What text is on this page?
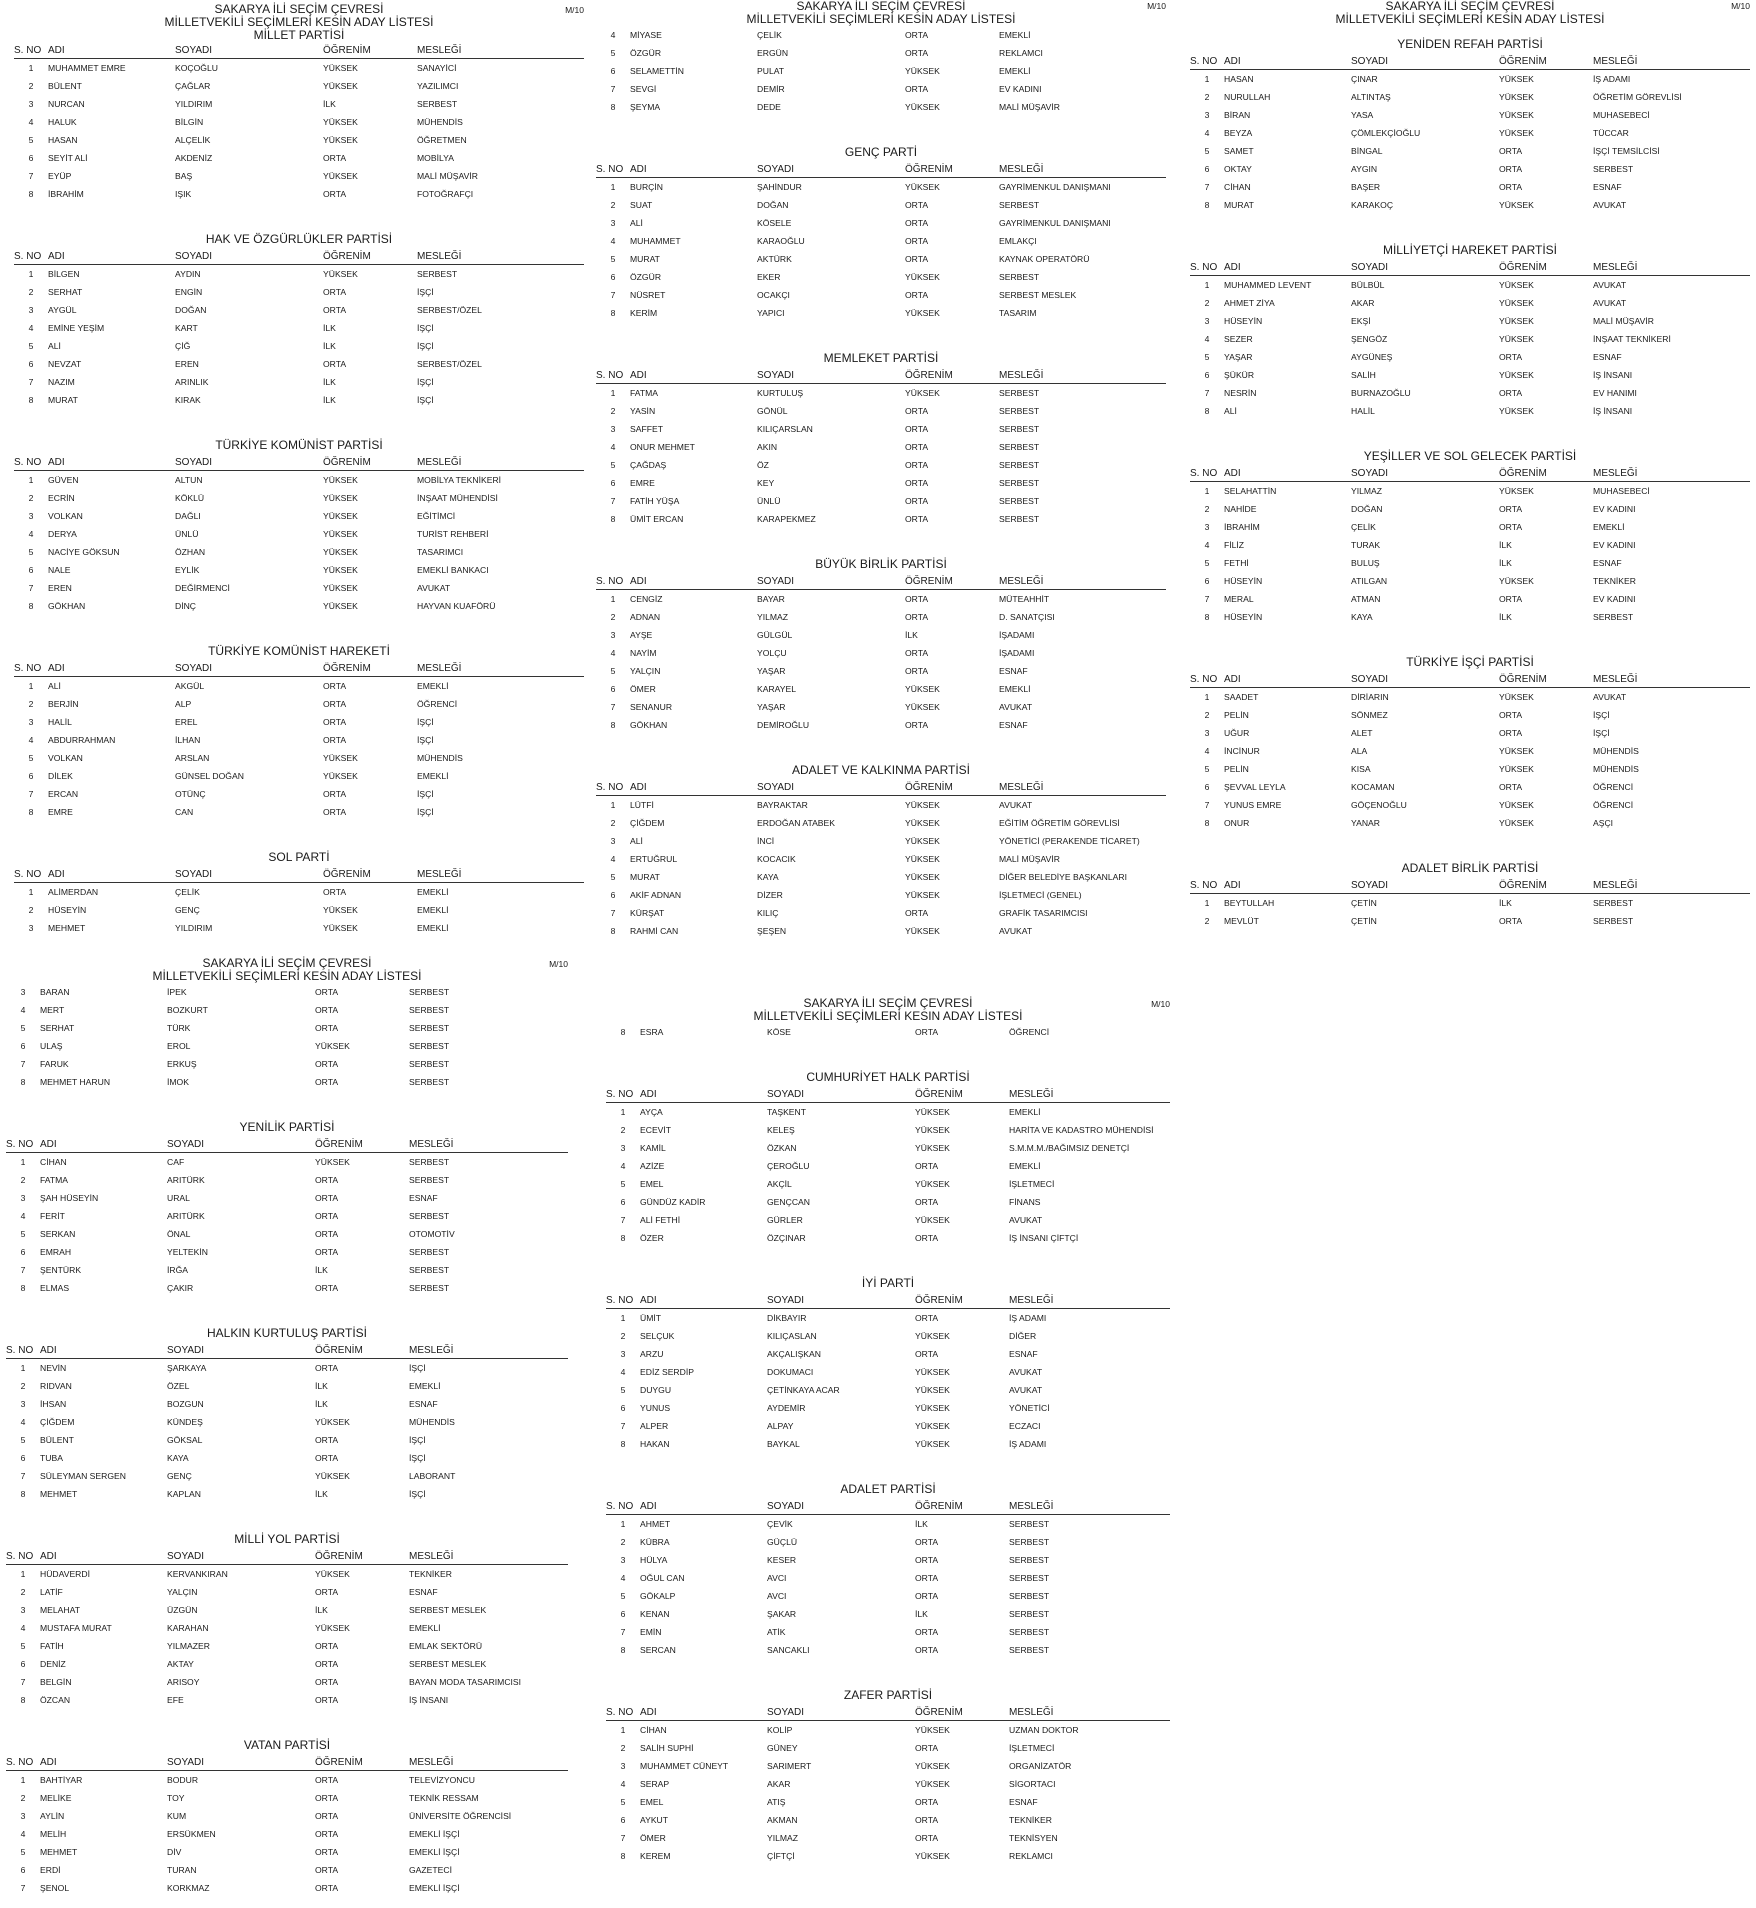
SAKARYA İLİ SEÇİM ÇEVRESİ
MİLLETVEKİLİ SEÇİMLERİ KESİN ADAY LİSTESİ
M/10
MİLLET PARTİSİ
S. NO ADI	SOYADI	ÖĞRENİM	MESLEĞİ
1	MUHAMMET EMRE	KOÇOĞLU	YÜKSEK	SANAYİCİ
2	BÜLENT	ÇAĞLAR	YÜKSEK	YAZILIMCI
3	NURCAN	YILDIRIM	İLK	SERBEST
4	HALUK	BİLGİN	YÜKSEK	MÜHENDİS
5	HASAN	ALÇELİK	YÜKSEK	ÖĞRETMEN
6	SEYİT ALİ	AKDENİZ	ORTA	MOBİLYA
7	EYÜP	BAŞ	YÜKSEK	MALİ MÜŞAVİR
8	İBRAHİM	IŞIK	ORTA	FOTOĞRAFÇI
HAK VE ÖZGÜRLÜKLER PARTİSİ
S. NO ADI	SOYADI	ÖĞRENİM	MESLEĞİ
1	BİLGEN	AYDIN	YÜKSEK	SERBEST
2	SERHAT	ENGİN	ORTA	İŞÇİ
3	AYGÜL	DOĞAN	ORTA	SERBEST/ÖZEL
4	EMİNE YEŞİM	KART	İLK	İŞÇİ
5	ALİ	ÇİĞ	İLK	İŞÇİ
6	NEVZAT	EREN	ORTA	SERBEST/ÖZEL
7	NAZIM	ARINLIK	İLK	İŞÇİ
8	MURAT	KIRAK	İLK	İŞÇİ
TÜRKİYE KOMÜNİST PARTİSİ
S. NO ADI	SOYADI	ÖĞRENİM	MESLEĞİ
1	GÜVEN	ALTUN	YÜKSEK	MOBİLYA TEKNİKERİ
2	ECRİN	KÖKLÜ	YÜKSEK	İNŞAAT MÜHENDİSİ
3	VOLKAN	DAĞLI	YÜKSEK	EĞİTİMCİ
4	DERYA	ÜNLÜ	YÜKSEK	TURİST REHBERİ
5	NACİYE GÖKSUN	ÖZHAN	YÜKSEK	TASARIMCI
6	NALE	EYLİK	YÜKSEK	EMEKLİ BANKACI
7	EREN	DEĞİRMENCİ	YÜKSEK	AVUKAT
8	GÖKHAN	DİNÇ	YÜKSEK	HAYVAN KUAFÖRÜ
TÜRKİYE KOMÜNİST HAREKETİ
S. NO ADI	SOYADI	ÖĞRENİM	MESLEĞİ
1	ALİ	AKGÜL	ORTA	EMEKLİ
2	BERJİN	ALP	ORTA	ÖĞRENCİ
3	HALİL	EREL	ORTA	İŞÇİ
4	ABDURRAHMAN	İLHAN	ORTA	İŞÇİ
5	VOLKAN	ARSLAN	YÜKSEK	MÜHENDİS
6	DİLEK	GÜNSEL DOĞAN	YÜKSEK	EMEKLİ
7	ERCAN	OTÜNÇ	ORTA	İŞÇİ
8	EMRE	CAN	ORTA	İŞÇİ
SOL PARTİ
S. NO ADI	SOYADI	ÖĞRENİM	MESLEĞİ
1	ALİMERDAN	ÇELİK	ORTA	EMEKLİ
2	HÜSEYİN	GENÇ	YÜKSEK	EMEKLİ
3	MEHMET	YILDIRIM	YÜKSEK	EMEKLİ
SAKARYA İLI SEÇİM ÇEVRESİ
MİLLETVEKİLİ SEÇİMLERİ KESİN ADAY LİSTESİ
M/10
4	MİYASE	ÇELİK	ORTA	EMEKLİ
5	ÖZGÜR	ERGÜN	ORTA	REKLAMCI
6	SELAMETTİN	PULAT	YÜKSEK	EMEKLİ
7	SEVGİ	DEMİR	ORTA	EV KADINI
8	ŞEYMA	DEDE	YÜKSEK	MALİ MÜŞAVİR
GENÇ PARTİ
S. NO ADI	SOYADI	ÖĞRENİM	MESLEĞİ
1	BURÇİN	ŞAHİNDUR	YÜKSEK	GAYRİMENKUL DANIŞMANI
2	SUAT	DOĞAN	ORTA	SERBEST
3	ALİ	KÖSELE	ORTA	GAYRİMENKUL DANIŞMANI
4	MUHAMMET	KARAOĞLU	ORTA	EMLAKÇI
5	MURAT	AKTÜRK	ORTA	KAYNAK OPERATÖRÜ
6	ÖZGÜR	EKER	YÜKSEK	SERBEST
7	NÜSRET	OCAKÇI	ORTA	SERBEST MESLEK
8	KERİM	YAPICI	YÜKSEK	TASARIM
MEMLEKET PARTİSİ
S. NO ADI	SOYADI	ÖĞRENİM	MESLEĞİ
1	FATMA	KURTULUŞ	YÜKSEK	SERBEST
2	YASİN	GÖNÜL	ORTA	SERBEST
3	SAFFET	KILIÇARSLAN	ORTA	SERBEST
4	ONUR MEHMET	AKIN	ORTA	SERBEST
5	ÇAĞDAŞ	ÖZ	ORTA	SERBEST
6	EMRE	KEY	ORTA	SERBEST
7	FATİH YÜŞA	ÜNLÜ	ORTA	SERBEST
8	ÜMİT ERCAN	KARAPEKMEZ	ORTA	SERBEST
BÜYÜK BİRLİK PARTİSİ
S. NO ADI	SOYADI	ÖĞRENİM	MESLEĞİ
1	CENGİZ	BAYAR	ORTA	MÜTEAHHİT
2	ADNAN	YILMAZ	ORTA	D. SANATÇISI
3	AYŞE	GÜLGÜL	İLK	İŞADAMI
4	NAYİM	YOLÇU	ORTA	İŞADAMI
5	YALÇIN	YAŞAR	ORTA	ESNAF
6	ÖMER	KARAYEL	YÜKSEK	EMEKLİ
7	SENANUR	YAŞAR	YÜKSEK	AVUKAT
8	GÖKHAN	DEMİROĞLU	ORTA	ESNAF
ADALET VE KALKINMA PARTİSİ
S. NO ADI	SOYADI	ÖĞRENİM	MESLEĞİ
1	LÜTFİ	BAYRAKTAR	YÜKSEK	AVUKAT
2	ÇİĞDEM	ERDOĞAN ATABEK	YÜKSEK	EĞİTİM ÖĞRETİM GÖREVLİSİ
3	ALİ	İNCİ	YÜKSEK	YÖNETİCİ (PERAKENDE TİCARET)
4	ERTUĞRUL	KOCACIK	YÜKSEK	MALİ MÜŞAVİR
5	MURAT	KAYA	YÜKSEK	DİĞER BELEDİYE BAŞKANLARI
6	AKİF ADNAN	DİZER	YÜKSEK	İŞLETMECİ (GENEL)
7	KÜRŞAT	KILIÇ	ORTA	GRAFİK TASARIMCISI
8	RAHMİ CAN	ŞEŞEN	YÜKSEK	AVUKAT
SAKARYA İLİ SEÇİM ÇEVRESİ
MİLLETVEKİLİ SEÇİMLERİ KESİN ADAY LİSTESİ
M/10
YENİDEN REFAH PARTİSİ
S. NO ADI	SOYADI	ÖĞRENİM	MESLEĞİ
1	HASAN	ÇINAR	YÜKSEK	İŞ ADAMI
2	NURULLAH	ALTINTAŞ	YÜKSEK	ÖĞRETİM GÖREVLİSİ
3	BİRAN	YASA	YÜKSEK	MUHASEBECİ
4	BEYZA	ÇÖMLEKÇİOĞLU	YÜKSEK	TÜCCAR
5	SAMET	BİNGAL	ORTA	İŞÇİ TEMSİLCİSİ
6	OKTAY	AYGIN	ORTA	SERBEST
7	CİHAN	BAŞER	ORTA	ESNAF
8	MURAT	KARAKOÇ	YÜKSEK	AVUKAT
MİLLİYETÇİ HAREKET PARTİSİ
S. NO ADI	SOYADI	ÖĞRENİM	MESLEĞİ
1	MUHAMMED LEVENT	BÜLBÜL	YÜKSEK	AVUKAT
2	AHMET ZİYA	AKAR	YÜKSEK	AVUKAT
3	HÜSEYİN	EKŞİ	YÜKSEK	MALİ MÜŞAVİR
4	SEZER	ŞENGÖZ	YÜKSEK	İNŞAAT TEKNİKERİ
5	YAŞAR	AYGÜNEŞ	ORTA	ESNAF
6	ŞÜKÜR	SALİH	YÜKSEK	İŞ İNSANI
7	NESRİN	BURNAZOĞLU	ORTA	EV HANIMI
8	ALİ	HALİL	YÜKSEK	İŞ İNSANI
YEŞİLLER VE SOL GELECEK PARTİSİ
S. NO ADI	SOYADI	ÖĞRENİM	MESLEĞİ
1	SELAHATTİN	YILMAZ	YÜKSEK	MUHASEBECİ
2	NAHİDE	DOĞAN	ORTA	EV KADINI
3	İBRAHİM	ÇELİK	ORTA	EMEKLİ
4	FİLİZ	TURAK	İLK	EV KADINI
5	FETHİ	BULUŞ	İLK	ESNAF
6	HÜSEYİN	ATILGAN	YÜKSEK	TEKNİKER
7	MERAL	ATMAN	ORTA	EV KADINI
8	HÜSEYİN	KAYA	İLK	SERBEST
TÜRKİYE İŞÇİ PARTİSİ
S. NO ADI	SOYADI	ÖĞRENİM	MESLEĞİ
1	SAADET	DİRİARIN	YÜKSEK	AVUKAT
2	PELİN	SÖNMEZ	ORTA	İŞÇİ
3	UĞUR	ALET	ORTA	İŞÇİ
4	İNCİNUR	ALA	YÜKSEK	MÜHENDİS
5	PELİN	KISA	YÜKSEK	MÜHENDİS
6	ŞEVVAL LEYLA	KOCAMAN	ORTA	ÖĞRENCİ
7	YUNUS EMRE	GÖÇENOĞLU	YÜKSEK	ÖĞRENCİ
8	ONUR	YANAR	YÜKSEK	AŞÇI
ADALET BİRLİK PARTİSİ
S. NO ADI	SOYADI	ÖĞRENİM	MESLEĞİ
1	BEYTULLAH	ÇETİN	İLK	SERBEST
2	MEVLÜT	ÇETİN	ORTA	SERBEST
SAKARYA İLİ SEÇİM ÇEVRESİ
MİLLETVEKİLİ SEÇİMLERİ KESİN ADAY LİSTESİ
M/10
3	BARAN	İPEK	ORTA	SERBEST
4	MERT	BOZKURT	ORTA	SERBEST
5	SERHAT	TÜRK	ORTA	SERBEST
6	ULAŞ	EROL	YÜKSEK	SERBEST
7	FARUK	ERKUŞ	ORTA	SERBEST
8	MEHMET HARUN	İMOK	ORTA	SERBEST
YENİLİK PARTİSİ
S. NO ADI	SOYADI	ÖĞRENİM	MESLEĞİ
1	CİHAN	CAF	YÜKSEK	SERBEST
2	FATMA	ARITÜRK	ORTA	SERBEST
3	ŞAH HÜSEYİN	URAL	ORTA	ESNAF
4	FERİT	ARITÜRK	ORTA	SERBEST
5	SERKAN	ÖNAL	ORTA	OTOMOTİV
6	EMRAH	YELTEKİN	ORTA	SERBEST
7	ŞENTÜRK	İRĞA	İLK	SERBEST
8	ELMAS	ÇAKIR	ORTA	SERBEST
HALKIN KURTULUŞ PARTİSİ
S. NO ADI	SOYADI	ÖĞRENİM	MESLEĞİ
1	NEVİN	ŞARKAYA	ORTA	İŞÇİ
2	RIDVAN	ÖZEL	İLK	EMEKLİ
3	İHSAN	BOZGUN	İLK	ESNAF
4	ÇİĞDEM	KÜNDEŞ	YÜKSEK	MÜHENDİS
5	BÜLENT	GÖKSAL	ORTA	İŞÇİ
6	TUBA	KAYA	ORTA	İŞÇİ
7	SÜLEYMAN SERGEN	GENÇ	YÜKSEK	LABORANT
8	MEHMET	KAPLAN	İLK	İŞÇİ
MİLLİ YOL PARTİSİ
S. NO ADI	SOYADI	ÖĞRENİM	MESLEĞİ
1	HÜDAVERDİ	KERVANKIRAN	YÜKSEK	TEKNİKER
2	LATİF	YALÇIN	ORTA	ESNAF
3	MELAHAT	ÜZGÜN	İLK	SERBEST MESLEK
4	MUSTAFA MURAT	KARAHAN	YÜKSEK	EMEKLİ
5	FATİH	YILMAZER	ORTA	EMLAK SEKTÖRÜ
6	DENİZ	AKTAY	ORTA	SERBEST MESLEK
7	BELGİN	ARISOY	ORTA	BAYAN MODA TASARIMCISI
8	ÖZCAN	EFE	ORTA	İŞ İNSANI
VATAN PARTİSİ
S. NO ADI	SOYADI	ÖĞRENİM	MESLEĞİ
1	BAHTİYAR	BODUR	ORTA	TELEVİZYONCU
2	MELİKE	TOY	ORTA	TEKNİK RESSAM
3	AYLİN	KUM	ORTA	ÜNİVERSİTE ÖĞRENCİSİ
4	MELİH	ERSÜKMEN	ORTA	EMEKLİ İŞÇİ
5	MEHMET	DİV	ORTA	EMEKLİ İŞÇİ
6	ERDİ	TURAN	ORTA	GAZETECİ
7	ŞENOL	KORKMAZ	ORTA	EMEKLİ İŞÇİ
SAKARYA İLI SEÇİM ÇEVRESİ
MİLLETVEKİLİ SEÇİMLERİ KESIN ADAY LİSTESİ
M/10
8	ESRA	KÖSE	ORTA	ÖĞRENCİ
CUMHURİYET HALK PARTİSİ
S. NO ADI	SOYADI	ÖĞRENİM	MESLEĞİ
1	AYÇA	TAŞKENT	YÜKSEK	EMEKLİ
2	ECEVİT	KELEŞ	YÜKSEK	HARİTA VE KADASTRO MÜHENDİSİ
3	KAMİL	ÖZKAN	YÜKSEK	S.M.M.M./BAĞIMSIZ DENETÇİ
4	AZİZE	ÇEROĞLU	ORTA	EMEKLİ
5	EMEL	AKÇİL	YÜKSEK	İŞLETMECİ
6	GÜNDÜZ KADİR	GENÇCAN	ORTA	FİNANS
7	ALİ FETHİ	GÜRLER	YÜKSEK	AVUKAT
8	ÖZER	ÖZÇINAR	ORTA	İŞ İNSANI ÇİFTÇİ
İYİ PARTİ
S. NO ADI	SOYADI	ÖĞRENİM	MESLEĞİ
1	ÜMİT	DİKBAYIR	ORTA	İŞ ADAMI
2	SELÇUK	KILIÇASLAN	YÜKSEK	DİĞER
3	ARZU	AKÇALIŞKAN	ORTA	ESNAF
4	EDİZ SERDİP	DOKUMACI	YÜKSEK	AVUKAT
5	DUYGU	ÇETİNKAYA ACAR	YÜKSEK	AVUKAT
6	YUNUS	AYDEMİR	YÜKSEK	YÖNETİCİ
7	ALPER	ALPAY	YÜKSEK	ECZACI
8	HAKAN	BAYKAL	YÜKSEK	İŞ ADAMI
ADALET PARTİSİ
S. NO ADI	SOYADI	ÖĞRENİM	MESLEĞİ
1	AHMET	ÇEVİK	İLK	SERBEST
2	KÜBRA	GÜÇLÜ	ORTA	SERBEST
3	HÜLYA	KESER	ORTA	SERBEST
4	OĞUL CAN	AVCI	ORTA	SERBEST
5	GÖKALP	AVCI	ORTA	SERBEST
6	KENAN	ŞAKAR	İLK	SERBEST
7	EMİN	ATİK	ORTA	SERBEST
8	SERCAN	SANCAKLI	ORTA	SERBEST
ZAFER PARTİSİ
S. NO ADI	SOYADI	ÖĞRENİM	MESLEĞİ
1	CİHAN	KOLİP	YÜKSEK	UZMAN DOKTOR
2	SALİH SUPHİ	GÜNEY	ORTA	İŞLETMECİ
3	MUHAMMET CÜNEYT	SARIMERT	YÜKSEK	ORGANİZATÖR
4	SERAP	AKAR	YÜKSEK	SİGORTACI
5	EMEL	ATIŞ	ORTA	ESNAF
6	AYKUT	AKMAN	ORTA	TEKNİKER
7	ÖMER	YILMAZ	ORTA	TEKNİSYEN
8	KEREM	ÇİFTÇİ	YÜKSEK	REKLAMCI
